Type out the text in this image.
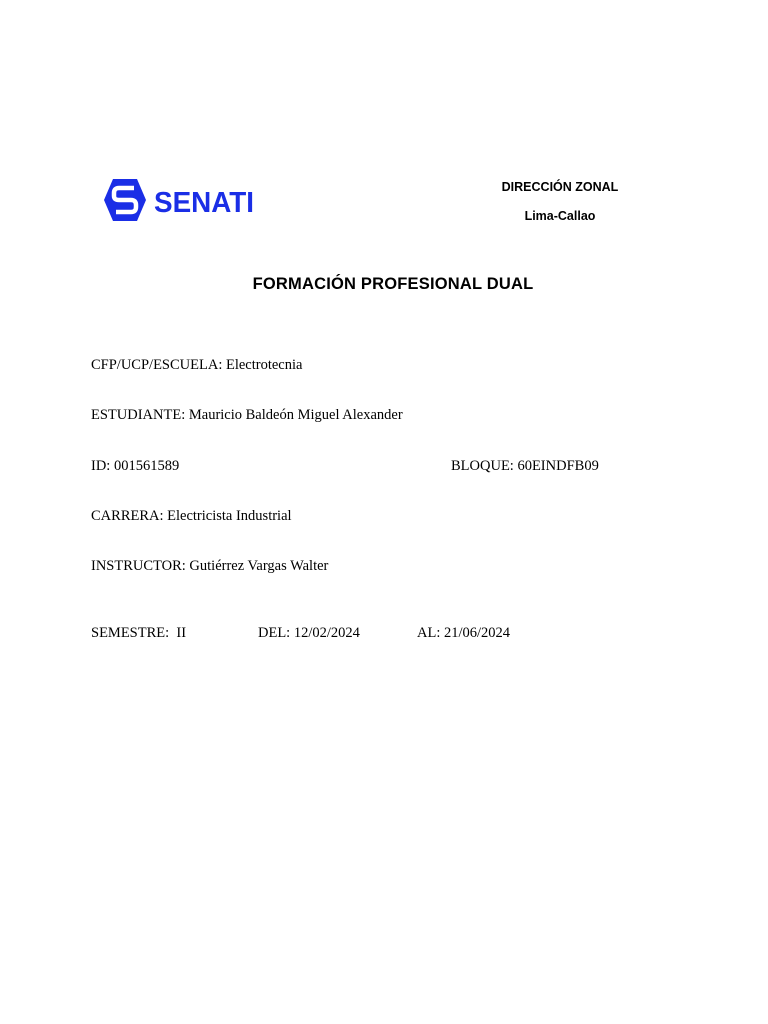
SENATI	DIRECCIÓN ZONAL
Lima-Callao
FORMACIÓN PROFESIONAL DUAL
CFP/UCP/ESCUELA: Electrotecnia
ESTUDIANTE: Mauricio Baldeón Miguel Alexander
ID: 001561589	BLOQUE: 60EINDFB09
CARRERA: Electricista Industrial
INSTRUCTOR: Gutiérrez Vargas Walter
SEMESTRE:  II	DEL: 12/02/2024	AL: 21/06/2024
